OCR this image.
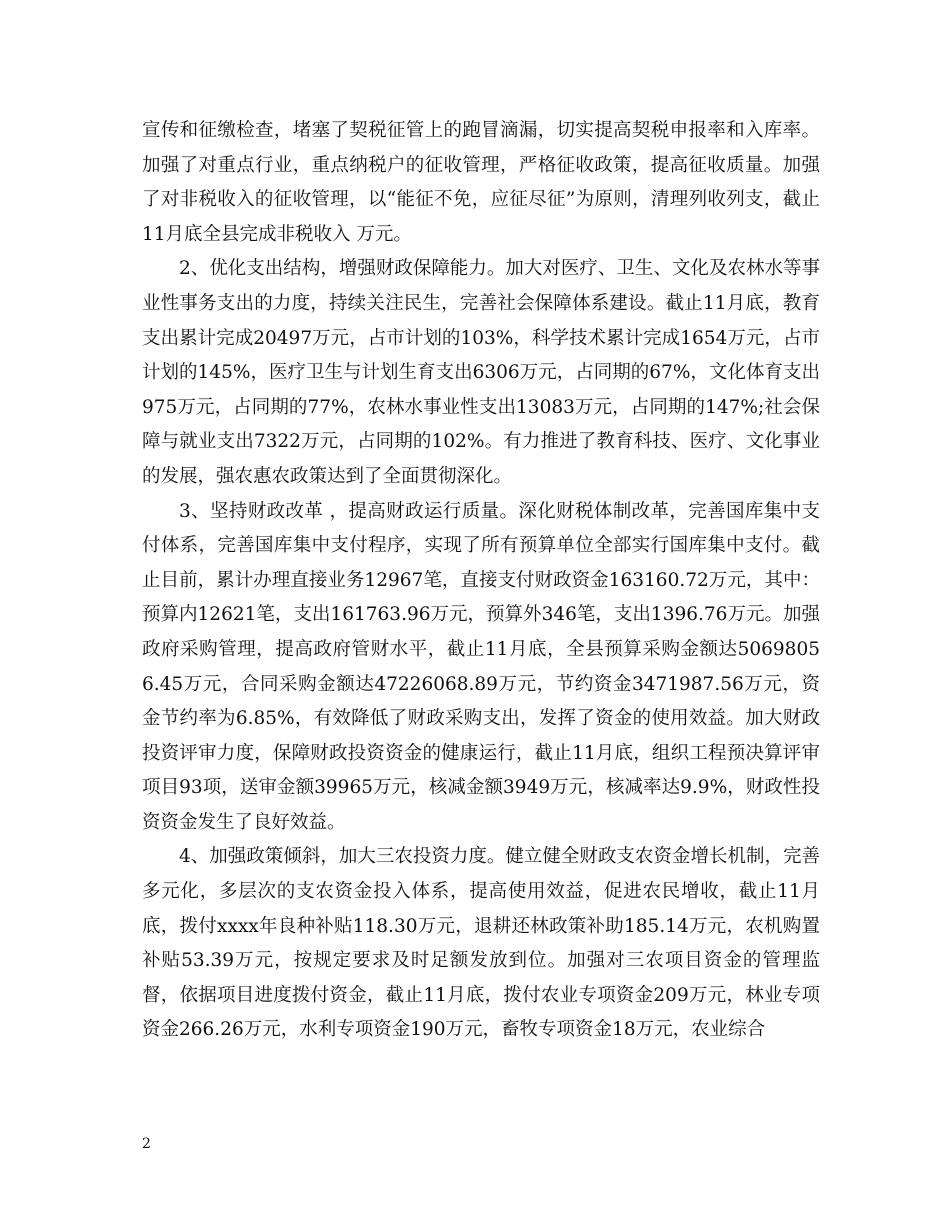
宣传和征缴检查，堵塞了契税征管上的跑冒滴漏，切实提高契税申报率和入库率。加强了对重点行业，重点纳税户的征收管理，严格征收政策，提高征收质量。加强了对非税收入的征收管理，以“能征不免，应征尽征”为原则，清理列收列支，截止11月底全县完成非税收入 万元。

2、优化支出结构，增强财政保障能力。加大对医疗、卫生、文化及农林水等事业性事务支出的力度，持续关注民生，完善社会保障体系建设。截止11月底，教育支出累计完成20497万元，占市计划的103%，科学技术累计完成1654万元，占市计划的145%，医疗卫生与计划生育支出6306万元，占同期的67%，文化体育支出975万元，占同期的77%，农林水事业性支出13083万元，占同期的147%;社会保障与就业支出7322万元，占同期的102%。有力推进了教育科技、医疗、文化事业的发展，强农惠农政策达到了全面贯彻深化。

3、坚持财政改革 ，提高财政运行质量。深化财税体制改革，完善国库集中支付体系，完善国库集中支付程序，实现了所有预算单位全部实行国库集中支付。截止目前，累计办理直接业务12967笔，直接支付财政资金163160.72万元，其中：预算内12621笔，支出161763.96万元，预算外346笔，支出1396.76万元。加强政府采购管理，提高政府管财水平，截止11月底，全县预算采购金额达50698056.45万元，合同采购金额达47226068.89万元，节约资金3471987.56万元，资金节约率为6.85%，有效降低了财政采购支出，发挥了资金的使用效益。加大财政投资评审力度，保障财政投资资金的健康运行，截止11月底，组织工程预决算评审项目93项，送审金额39965万元，核减金额3949万元，核减率达9.9%，财政性投资资金发生了良好效益。

4、加强政策倾斜，加大三农投资力度。健立健全财政支农资金增长机制，完善多元化，多层次的支农资金投入体系，提高使用效益，促进农民增收，截止11月底，拨付xxxx年良种补贴118.30万元，退耕还林政策补助185.14万元，农机购置补贴53.39万元，按规定要求及时足额发放到位。加强对三农项目资金的管理监督，依据项目进度拨付资金，截止11月底，拨付农业专项资金209万元，林业专项资金266.26万元，水利专项资金190万元，畜牧专项资金18万元，农业综合

2
